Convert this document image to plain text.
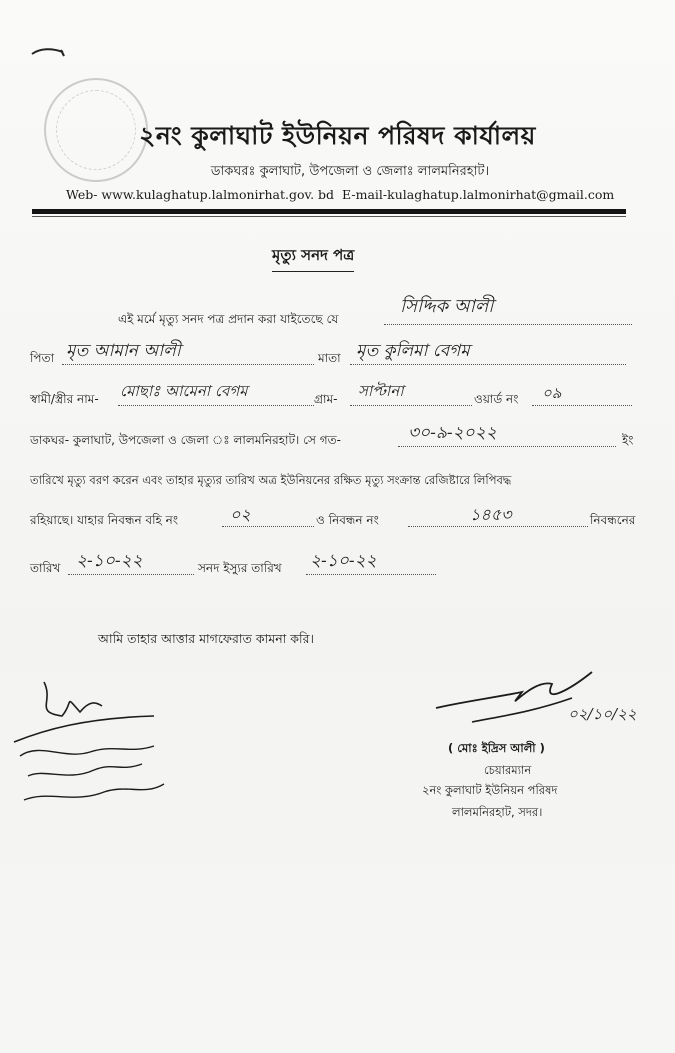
২নং কুলাঘাট ইউনিয়ন পরিষদ কার্যালয়
ডাকঘরঃ কুলাঘাট, উপজেলা ও জেলাঃ লালমনিরহাট।
Web- www.kulaghatup.lalmonirhat.gov. bd E-mail-kulaghatup.lalmonirhat@gmail.com
মৃত্যু সনদ পত্র
এই মর্মে মৃত্যু সনদ পত্র প্রদান করা যাইতেছে যে
সিদ্দিক আলী
পিতা মৃত আমান আলী	মাতা মৃত কুলিমা বেগম
স্বামী/স্ত্রীর নাম- মোছাঃ আমেনা বেগম	গ্রাম- সাপ্টানা	ওয়ার্ড নং ০৯
ডাকঘর- কুলাঘাট, উপজেলা ও জেলা ঃ লালমনিরহাট। সে গত-	৩০-৯-২০২২	ইং
তারিখে মৃত্যু বরণ করেন এবং তাহার মৃত্যুর তারিখ অত্র ইউনিয়নের রক্ষিত মৃত্যু সংক্রান্ত রেজিষ্টারে লিপিবদ্ধ
রহিয়াছে। যাহার নিবন্ধন বহি নং	০২	ও নিবন্ধন নং	১৪৫৩	নিবন্ধনের
তারিখ ২-১০-২২	সনদ ইস্যুর তারিখ ২-১০-২২
আমি তাহার আত্তার মাগফেরাত কামনা করি।
০২/১০/২২
( মোঃ ইদ্রিস আলী )
চেয়ারম্যান
২নং কুলাঘাট ইউনিয়ন পরিষদ
লালমনিরহাট, সদর।
